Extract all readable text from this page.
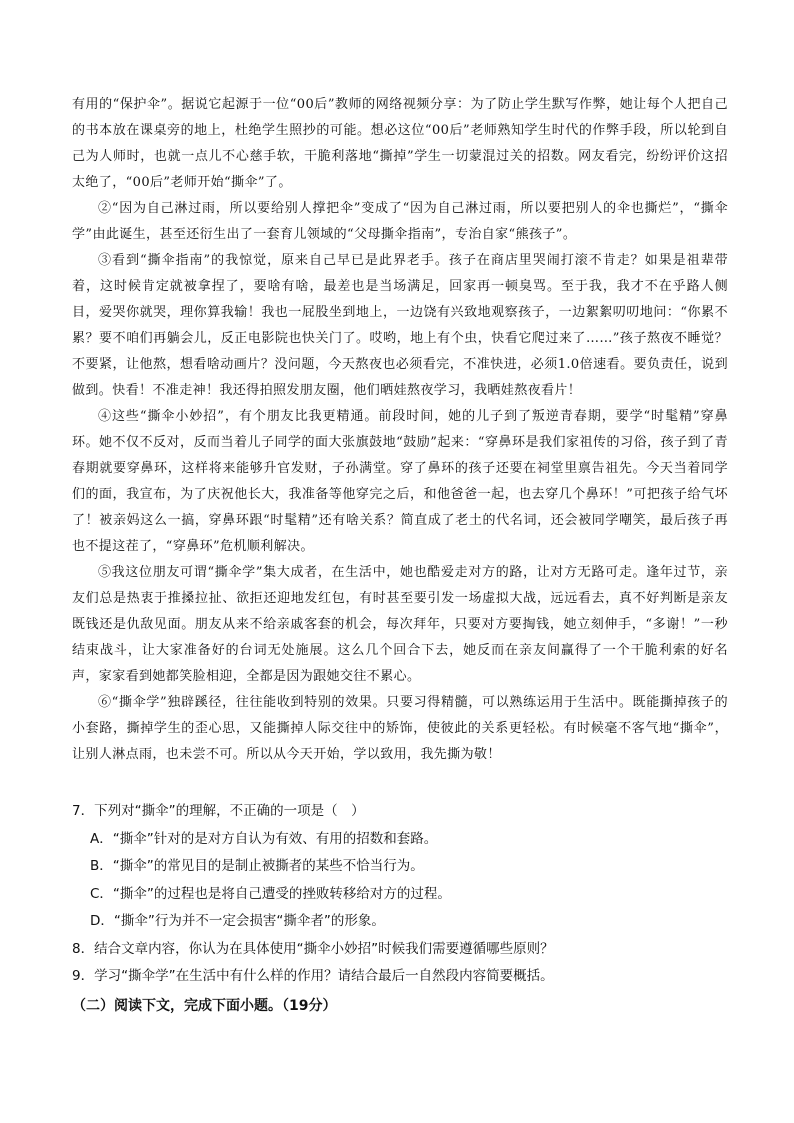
有用的“保护伞”。据说它起源于一位“00后”教师的网络视频分享：为了防止学生默写作弊，她让每个人把自己的书本放在课桌旁的地上，杜绝学生照抄的可能。想必这位“00后”老师熟知学生时代的作弊手段，所以轮到自己为人师时，也就一点儿不心慈手软，干脆利落地“撕掉”学生一切蒙混过关的招数。网友看完，纷纷评价这招太绝了，“00后”老师开始“撕伞”了。

②“因为自己淋过雨，所以要给别人撑把伞”变成了“因为自己淋过雨，所以要把别人的伞也撕烂”，“撕伞学”由此诞生，甚至还衍生出了一套育儿领域的“父母撕伞指南”，专治自家“熊孩子”。

③看到“撕伞指南”的我惊觉，原来自己早已是此界老手。孩子在商店里哭闹打滚不肯走？如果是祖辈带着，这时候肯定就被拿捏了，要啥有啥，最差也是当场满足，回家再一顿臭骂。至于我，我才不在乎路人侧目，爱哭你就哭，理你算我输！我也一屁股坐到地上，一边饶有兴致地观察孩子，一边絮絮叨叨地问：“你累不累？要不咱们再躺会儿，反正电影院也快关门了。哎哟，地上有个虫，快看它爬过来了……”孩子熬夜不睡觉？不要紧，让他熬，想看啥动画片？没问题，今天熬夜也必须看完，不准快进，必须1.0倍速看。要负责任，说到做到。快看！不准走神！我还得拍照发朋友圈，他们晒娃熬夜学习，我晒娃熬夜看片！

④这些“撕伞小妙招”，有个朋友比我更精通。前段时间，她的儿子到了叛逆青春期，要学“时髦精”穿鼻环。她不仅不反对，反而当着儿子同学的面大张旗鼓地“鼓励”起来：“穿鼻环是我们家祖传的习俗，孩子到了青春期就要穿鼻环，这样将来能够升官发财，子孙满堂。穿了鼻环的孩子还要在祠堂里禀告祖先。今天当着同学们的面，我宣布，为了庆祝他长大，我准备等他穿完之后，和他爸爸一起，也去穿几个鼻环！”可把孩子给气坏了！被亲妈这么一搞，穿鼻环跟“时髦精”还有啥关系？简直成了老土的代名词，还会被同学嘲笑，最后孩子再也不提这茬了，“穿鼻环”危机顺利解决。

⑤我这位朋友可谓“撕伞学”集大成者，在生活中，她也酷爱走对方的路，让对方无路可走。逢年过节，亲友们总是热衷于推搡拉扯、欲拒还迎地发红包，有时甚至要引发一场虚拟大战，远远看去，真不好判断是亲友既钱还是仇敌见面。朋友从来不给亲戚客套的机会，每次拜年，只要对方要掏钱，她立刻伸手，“多谢！”一秒结束战斗，让大家准备好的台词无处施展。这么几个回合下去，她反而在亲友间赢得了一个干脆利索的好名声，家家看到她都笑脸相迎，全都是因为跟她交往不累心。

⑥“撕伞学”独辟蹊径，往往能收到特别的效果。只要习得精髓，可以熟练运用于生活中。既能撕掉孩子的小套路，撕掉学生的歪心思，又能撕掉人际交往中的矫饰，使彼此的关系更轻松。有时候毫不客气地“撕伞”，让别人淋点雨，也未尝不可。所以从今天开始，学以致用，我先撕为敬！

7．下列对“撕伞”的理解，不正确的一项是（　）

A．“撕伞”针对的是对方自认为有效、有用的招数和套路。

B．“撕伞”的常见目的是制止被撕者的某些不恰当行为。

C．“撕伞”的过程也是将自己遭受的挫败转移给对方的过程。

D．“撕伞”行为并不一定会损害“撕伞者”的形象。

8．结合文章内容，你认为在具体使用“撕伞小妙招”时候我们需要遵循哪些原则？

9．学习“撕伞学”在生活中有什么样的作用？请结合最后一自然段内容简要概括。

（二）阅读下文，完成下面小题。（19分）
